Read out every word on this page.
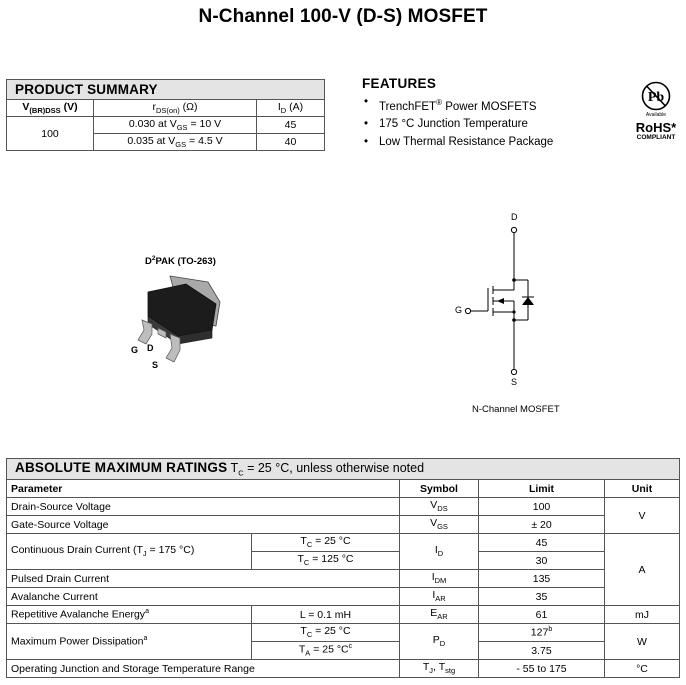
N-Channel 100-V (D-S) MOSFET
PRODUCT SUMMARY		
$V_{(BR)DSS}$ (V)	$r_{DS(on)}$ (Ω)	$I_D$ (A)
100	0.030 at $V_{GS} = 10$ V	45
	0.035 at $V_{GS} = 4.5$ V	40
FEATURES
• TrenchFET® Power MOSFETS
• 175 °C Junction Temperature
• Low Thermal Resistance Package
Pb
Available
RoHS*
COMPLIANT
$D^2PAK$ (TO-263)
G D
S
D
G
S
N-Channel MOSFET
ABSOLUTE MAXIMUM RATINGS $T_C = 25$ °C, unless otherwise noted				
Parameter		Symbol	Limit	Unit
Drain-Source Voltage		$V_{DS}$	100	V
Gate-Source Voltage		$V_{GS}$	± 20	
Continuous Drain Current ($T_J = 175$ °C)	$T_C = 25$ °C	$I_D$	45	A
	$T_C = 125$ °C		30	
Pulsed Drain Current		$I_{DM}$	135	
Avalanche Current		$I_{AR}$	35	
Repetitive Avalanche Energy$^a$	L = 0.1 mH	$E_{AR}$	61	mJ
Maximum Power Dissipation$^a$	$T_C = 25$ °C	$P_D$	127$^b$	W
	$T_A = 25$ $^\circ C^c$		3.75	
Operating Junction and Storage Temperature Range		$T_J$, $T_{stg}$	- 55 to 175	°C
